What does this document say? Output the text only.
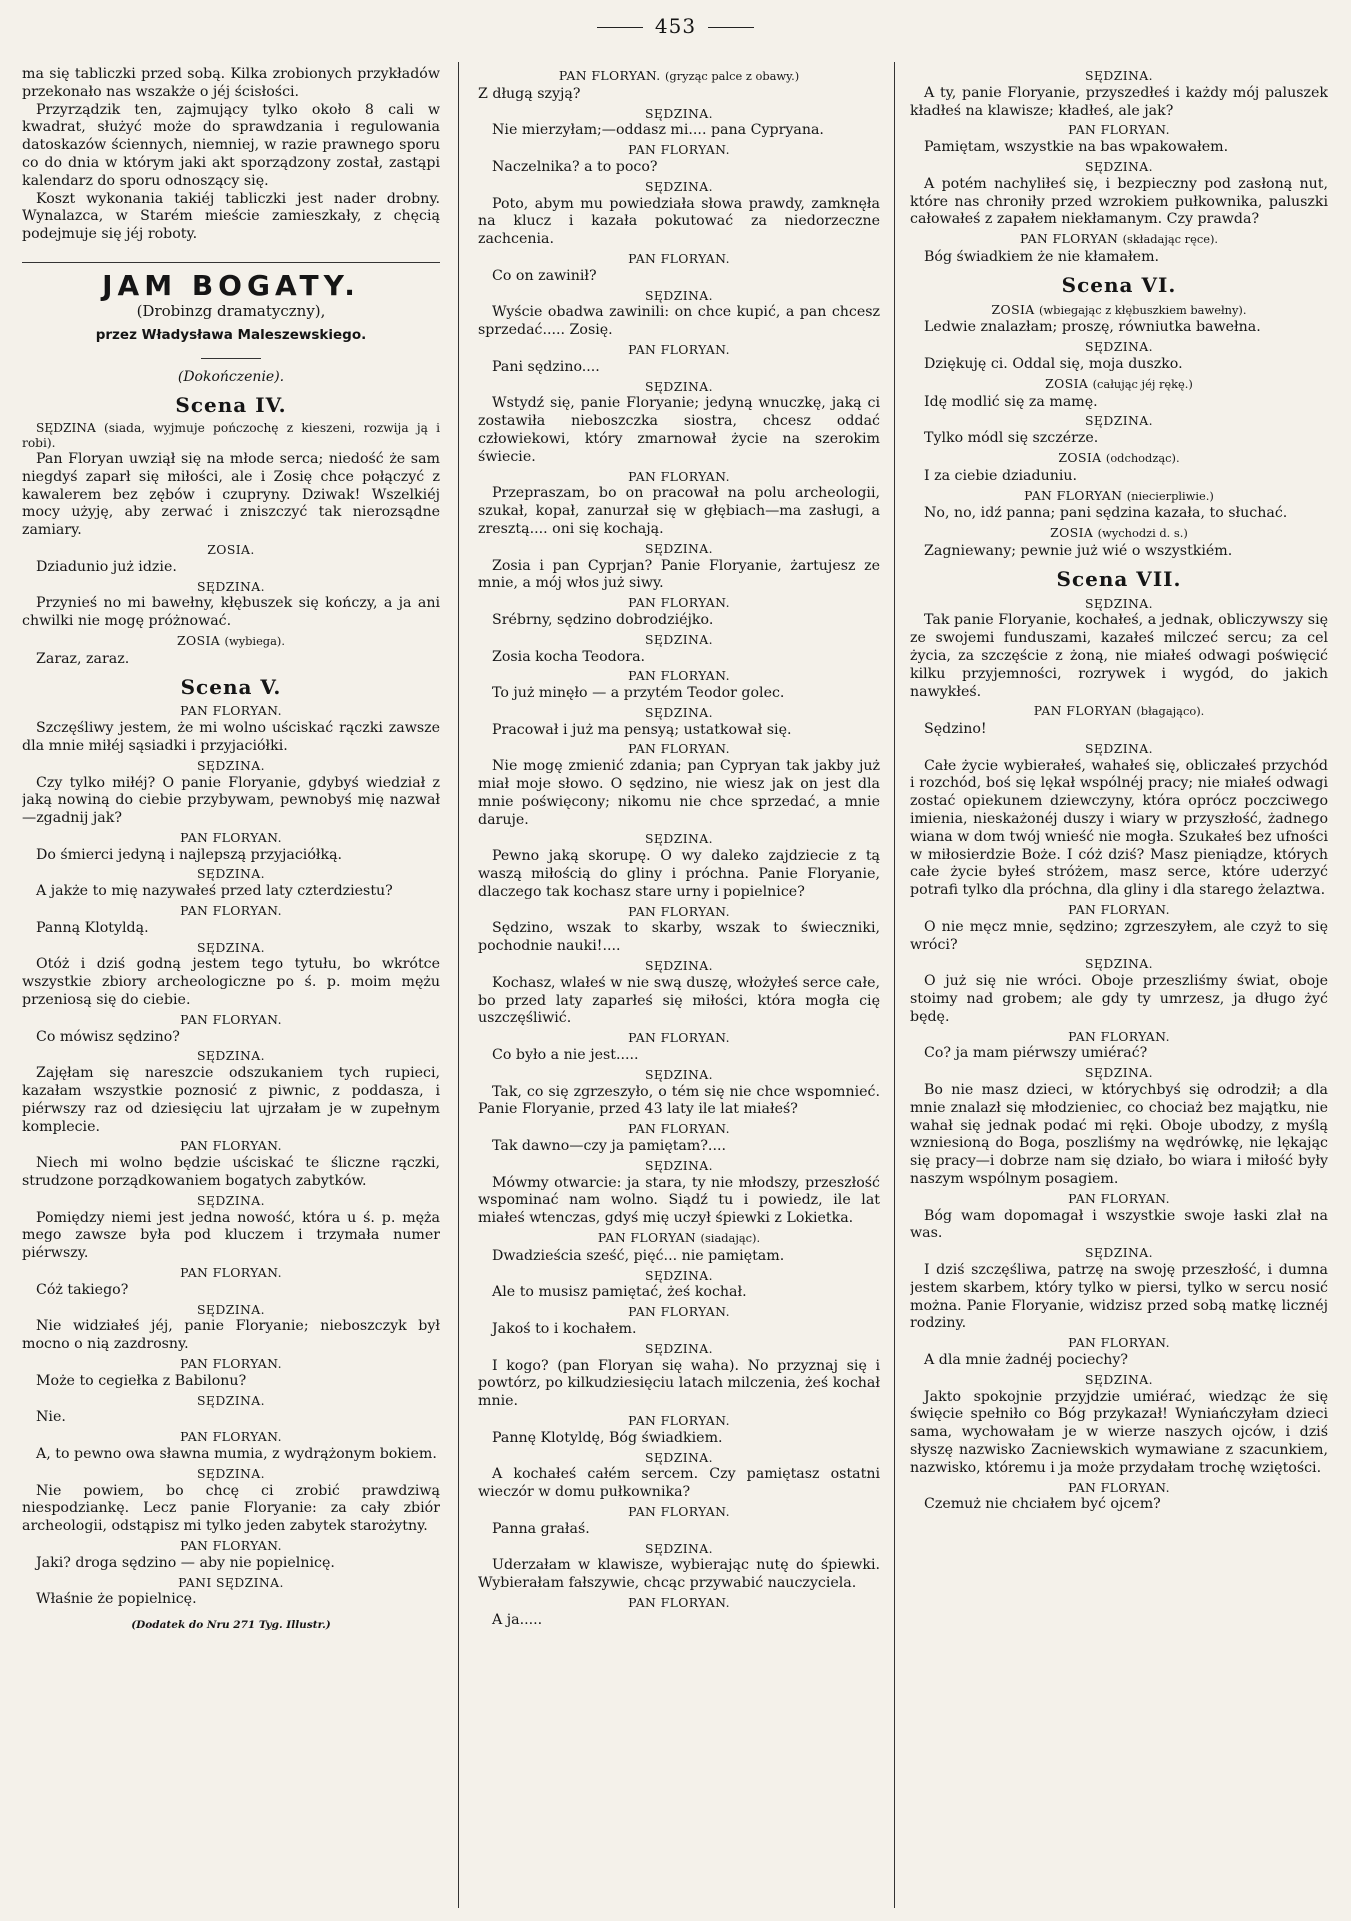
453

ma się tabliczki przed sobą. Kilka zrobionych przykładów przekonało nas wszakże o jéj ścisłości.

Przyrządzik ten, zajmujący tylko około 8 cali w kwadrat, służyć może do sprawdzania i regulowania datoskazów ściennych, niemniej, w razie prawnego sporu co do dnia w którym jaki akt sporządzony został, zastąpi kalendarz do sporu odnoszący się.

Koszt wykonania takiéj tabliczki jest nader drobny. Wynalazca, w Starém mieście zamieszkały, z chęcią podejmuje się jéj roboty.

JAM BOGATY.
(Drobinzg dramatyczny),
przez Władysława Maleszewskiego.
(Dokończenie).
Scena IV.

SĘDZINA (siada, wyjmuje pończochę z kieszeni, rozwija ją i robi).

Pan Floryan uwziął się na młode serca; niedość że sam niegdyś zaparł się miłości, ale i Zosię chce połączyć z kawalerem bez zębów i czupryny. Dziwak! Wszelkiéj mocy użyję, aby zerwać i zniszczyć tak nierozsądne zamiary.

ZOSIA.

Dziadunio już idzie.

SĘDZINA.

Przynieś no mi bawełny, kłębuszek się kończy, a ja ani chwilki nie mogę próżnować.

ZOSIA (wybiega).

Zaraz, zaraz.

Scena V.
PAN FLORYAN.

Szczęśliwy jestem, że mi wolno uściskać rączki zawsze dla mnie miłéj sąsiadki i przyjaciółki.

SĘDZINA.

Czy tylko miłéj? O panie Floryanie, gdybyś wiedział z jaką nowiną do ciebie przybywam, pewnobyś mię nazwał—zgadnij jak?

PAN FLORYAN.

Do śmierci jedyną i najlepszą przyjaciółką.

SĘDZINA.

A jakże to mię nazywałeś przed laty czterdziestu?

PAN FLORYAN.

Panną Klotyldą.

SĘDZINA.

Otóż i dziś godną jestem tego tytułu, bo wkrótce wszystkie zbiory archeologiczne po ś. p. moim mężu przeniosą się do ciebie.

PAN FLORYAN.

Co mówisz sędzino?

SĘDZINA.

Zajęłam się nareszcie odszukaniem tych rupieci, kazałam wszystkie poznosić z piwnic, z poddasza, i piérwszy raz od dziesięciu lat ujrzałam je w zupełnym komplecie.

PAN FLORYAN.

Niech mi wolno będzie uściskać te śliczne rączki, strudzone porządkowaniem bogatych zabytków.

SĘDZINA.

Pomiędzy niemi jest jedna nowość, która u ś. p. męża mego zawsze była pod kluczem i trzymała numer piérwszy.

PAN FLORYAN.

Cóż takiego?

SĘDZINA.

Nie widziałeś jéj, panie Floryanie; nieboszczyk był mocno o nią zazdrosny.

PAN FLORYAN.

Może to cegiełka z Babilonu?

SĘDZINA.

Nie.

PAN FLORYAN.

A, to pewno owa sławna mumia, z wydrążonym bokiem.

SĘDZINA.

Nie powiem, bo chcę ci zrobić prawdziwą niespodziankę. Lecz panie Floryanie: za cały zbiór archeologii, odstąpisz mi tylko jeden zabytek starożytny.

PAN FLORYAN.

Jaki? droga sędzino — aby nie popielnicę.

PANI SĘDZINA.

Właśnie że popielnicę.

(Dodatek do Nru 271 Tyg. Illustr.)
PAN FLORYAN. (gryząc palce z obawy.)

Z długą szyją?

SĘDZINA.

Nie mierzyłam;—oddasz mi.... pana Cypryana.

PAN FLORYAN.

Naczelnika? a to poco?

SĘDZINA.

Poto, abym mu powiedziała słowa prawdy, zamknęła na klucz i kazała pokutować za niedorzeczne zachcenia.

PAN FLORYAN.

Co on zawinił?

SĘDZINA.

Wyście obadwa zawinili: on chce kupić, a pan chcesz sprzedać..... Zosię.

PAN FLORYAN.

Pani sędzino....

SĘDZINA.

Wstydź się, panie Floryanie; jedyną wnuczkę, jaką ci zostawiła nieboszczka siostra, chcesz oddać człowiekowi, który zmarnował życie na szerokim świecie.

PAN FLORYAN.

Przepraszam, bo on pracował na polu archeologii, szukał, kopał, zanurzał się w głębiach—ma zasługi, a zresztą.... oni się kochają.

SĘDZINA.

Zosia i pan Cyprjan? Panie Floryanie, żartujesz ze mnie, a mój włos już siwy.

PAN FLORYAN.

Srébrny, sędzino dobrodziéjko.

SĘDZINA.

Zosia kocha Teodora.

PAN FLORYAN.

To już minęło — a przytém Teodor golec.

SĘDZINA.

Pracował i już ma pensyą; ustatkował się.

PAN FLORYAN.

Nie mogę zmienić zdania; pan Cypryan tak jakby już miał moje słowo. O sędzino, nie wiesz jak on jest dla mnie poświęcony; nikomu nie chce sprzedać, a mnie daruje.

SĘDZINA.

Pewno jaką skorupę. O wy daleko zajdziecie z tą waszą miłością do gliny i próchna. Panie Floryanie, dlaczego tak kochasz stare urny i popielnice?

PAN FLORYAN.

Sędzino, wszak to skarby, wszak to świeczniki, pochodnie nauki!....

SĘDZINA.

Kochasz, wlałeś w nie swą duszę, włożyłeś serce całe, bo przed laty zaparłeś się miłości, która mogła cię uszczęśliwić.

PAN FLORYAN.

Co było a nie jest.....

SĘDZINA.

Tak, co się zgrzeszyło, o tém się nie chce wspomnieć. Panie Floryanie, przed 43 laty ile lat miałeś?

PAN FLORYAN.

Tak dawno—czy ja pamiętam?....

SĘDZINA.

Mówmy otwarcie: ja stara, ty nie młodszy, przeszłość wspominać nam wolno. Siądź tu i powiedz, ile lat miałeś wtenczas, gdyś mię uczył śpiewki z Lokietka.

PAN FLORYAN (siadając).

Dwadzieścia sześć, pięć... nie pamiętam.

SĘDZINA.

Ale to musisz pamiętać, żeś kochał.

PAN FLORYAN.

Jakoś to i kochałem.

SĘDZINA.

I kogo? (pan Floryan się waha). No przyznaj się i powtórz, po kilkudziesięciu latach milczenia, żeś kochał mnie.

PAN FLORYAN.

Pannę Klotyldę, Bóg świadkiem.

SĘDZINA.

A kochałeś całém sercem. Czy pamiętasz ostatni wieczór w domu pułkownika?

PAN FLORYAN.

Panna grałaś.

SĘDZINA.

Uderzałam w klawisze, wybierając nutę do śpiewki. Wybierałam fałszywie, chcąc przywabić nauczyciela.

PAN FLORYAN.

A ja.....

SĘDZINA.

A ty, panie Floryanie, przyszedłeś i każdy mój paluszek kładłeś na klawisze; kładłeś, ale jak?

PAN FLORYAN.

Pamiętam, wszystkie na bas wpakowałem.

SĘDZINA.

A potém nachyliłeś się, i bezpieczny pod zasłoną nut, które nas chroniły przed wzrokiem pułkownika, paluszki całowałeś z zapałem niekłamanym. Czy prawda?

PAN FLORYAN (składając ręce).

Bóg świadkiem że nie kłamałem.

Scena VI.
ZOSIA (wbiegając z kłębuszkiem bawełny).

Ledwie znalazłam; proszę, równiutka bawełna.

SĘDZINA.

Dziękuję ci. Oddal się, moja duszko.

ZOSIA (całując jéj rękę.)

Idę modlić się za mamę.

SĘDZINA.

Tylko módl się szczérze.

ZOSIA (odchodząc).

I za ciebie dziaduniu.

PAN FLORYAN (niecierpliwie.)

No, no, idź panna; pani sędzina kazała, to słuchać.

ZOSIA (wychodzi d. s.)

Zagniewany; pewnie już wié o wszystkiém.

Scena VII.
SĘDZINA.

Tak panie Floryanie, kochałeś, a jednak, obliczywszy się ze swojemi funduszami, kazałeś milczeć sercu; za cel życia, za szczęście z żoną, nie miałeś odwagi poświęcić kilku przyjemności, rozrywek i wygód, do jakich nawykłeś.

PAN FLORYAN (błagająco).

Sędzino!

SĘDZINA.

Całe życie wybierałeś, wahałeś się, obliczałeś przychód i rozchód, boś się lękał wspólnéj pracy; nie miałeś odwagi zostać opiekunem dziewczyny, która oprócz poczciwego imienia, nieskażonéj duszy i wiary w przyszłość, żadnego wiana w dom twój wnieść nie mogła. Szukałeś bez ufności w miłosierdzie Boże. I cóż dziś? Masz pieniądze, których całe życie byłeś stróżem, masz serce, które uderzyć potrafi tylko dla próchna, dla gliny i dla starego żelaztwa.

PAN FLORYAN.

O nie męcz mnie, sędzino; zgrzeszyłem, ale czyż to się wróci?

SĘDZINA.

O już się nie wróci. Oboje przeszliśmy świat, oboje stoimy nad grobem; ale gdy ty umrzesz, ja długo żyć będę.

PAN FLORYAN.

Co? ja mam piérwszy umiérać?

SĘDZINA.

Bo nie masz dzieci, w którychbyś się odrodził; a dla mnie znalazł się młodzieniec, co chociaż bez majątku, nie wahał się jednak podać mi ręki. Oboje ubodzy, z myślą wzniesioną do Boga, poszliśmy na wędrówkę, nie lękając się pracy—i dobrze nam się działo, bo wiara i miłość były naszym wspólnym posagiem.

PAN FLORYAN.

Bóg wam dopomagał i wszystkie swoje łaski zlał na was.

SĘDZINA.

I dziś szczęśliwa, patrzę na swoję przeszłość, i dumna jestem skarbem, który tylko w piersi, tylko w sercu nosić można. Panie Floryanie, widzisz przed sobą matkę licznéj rodziny.

PAN FLORYAN.

A dla mnie żadnéj pociechy?

SĘDZINA.

Jakto spokojnie przyjdzie umiérać, wiedząc że się święcie spełniło co Bóg przykazał! Wyniańczyłam dzieci sama, wychowałam je w wierze naszych ojców, i dziś słyszę nazwisko Zacniewskich wymawiane z szacunkiem, nazwisko, któremu i ja może przydałam trochę wziętości.

PAN FLORYAN.

Czemuż nie chciałem być ojcem?
